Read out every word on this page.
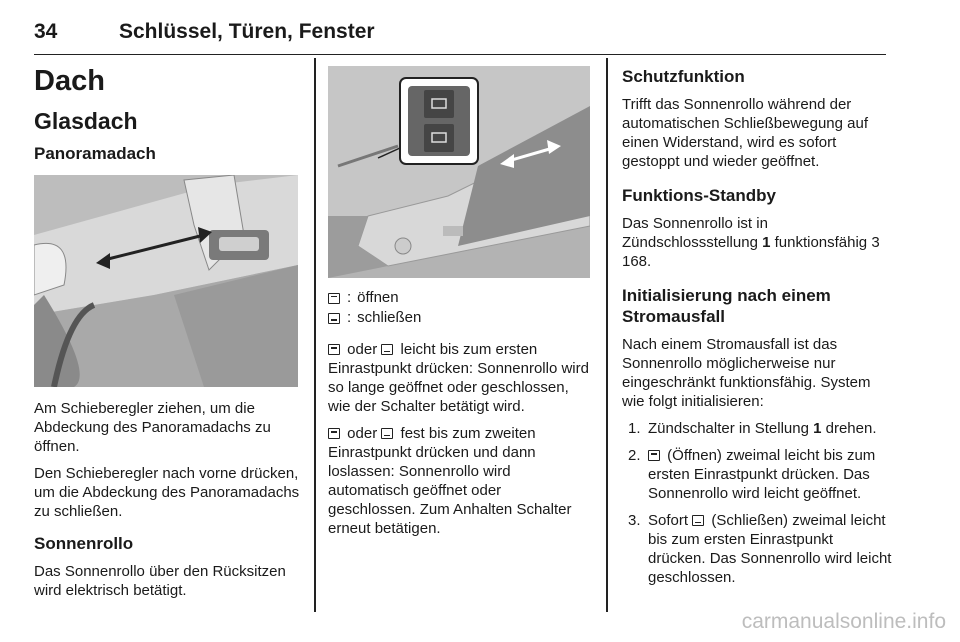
34	Schlüssel, Türen, Fenster
Dach
Glasdach
Panoramadach

Am Schieberegler ziehen, um die Abdeckung des Panoramadachs zu öffnen.

Den Schieberegler nach vorne drücken, um die Abdeckung des Panoramadachs zu schließen.

Sonnenrollo

Das Sonnenrollo über den Rücksitzen wird elektrisch betätigt.

: öffnen
: schließen

oder  leicht bis zum ersten Einrastpunkt drücken: Sonnenrollo wird so lange geöffnet oder geschlossen, wie der Schalter betätigt wird.

oder  fest bis zum zweiten Einrastpunkt drücken und dann loslassen: Sonnenrollo wird automatisch geöffnet oder geschlossen. Zum Anhalten Schalter erneut betätigen.

Schutzfunktion

Trifft das Sonnenrollo während der automatischen Schließbewegung auf einen Widerstand, wird es sofort gestoppt und wieder geöffnet.

Funktions-Standby

Das Sonnenrollo ist in Zündschlossstellung 1 funktionsfähig 3 168.

Initialisierung nach einem Stromausfall

Nach einem Stromausfall ist das Sonnenrollo möglicherweise nur eingeschränkt funktionsfähig. System wie folgt initialisieren:

1. Zündschalter in Stellung 1 drehen.
2. (Öffnen) zweimal leicht bis zum ersten Einrastpunkt drücken. Das Sonnenrollo wird leicht geöffnet.
3. Sofort  (Schließen) zweimal leicht bis zum ersten Einrastpunkt drücken. Das Sonnenrollo wird leicht geschlossen.
carmanualsonline.info
